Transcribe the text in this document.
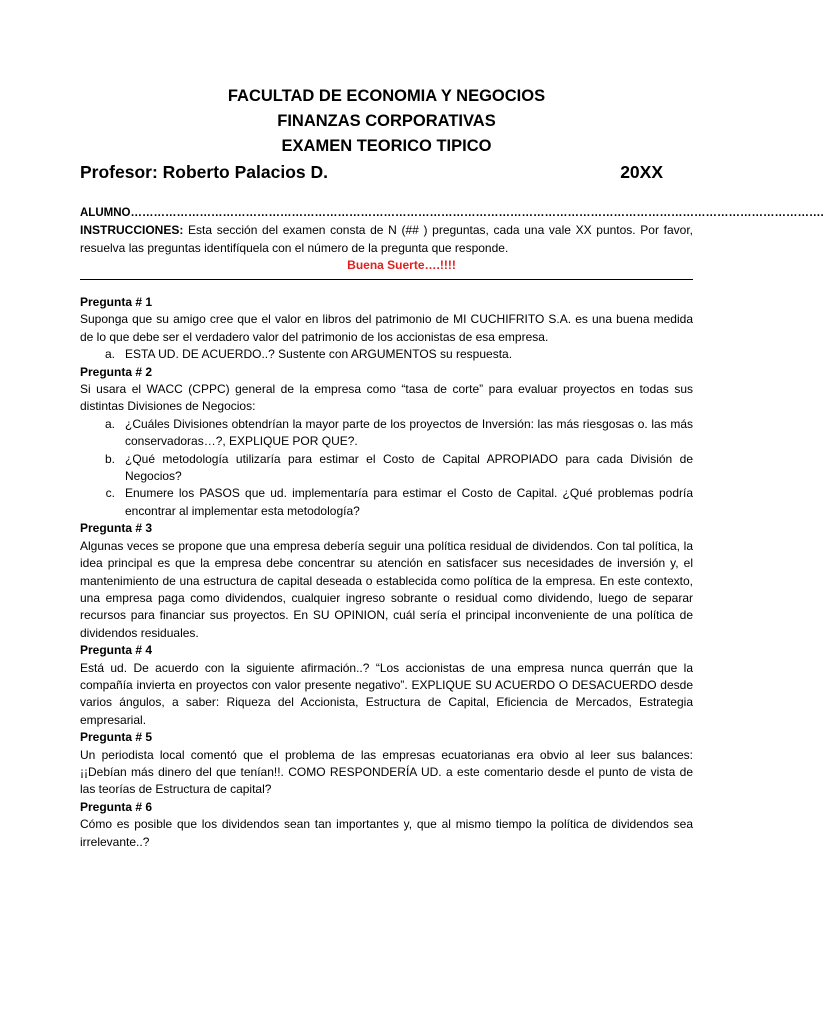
FACULTAD DE ECONOMIA Y NEGOCIOS
FINANZAS CORPORATIVAS
EXAMEN TEORICO TIPICO
Profesor: Roberto Palacios D.	20XX
ALUMNO……………………………………………………………………………………………………………………………………………………………….
INSTRUCCIONES: Esta sección del examen consta de N (## ) preguntas, cada una vale XX puntos. Por favor, resuelva las preguntas identifíquela con el número de la pregunta que responde.
Buena Suerte….!!!!
Pregunta # 1

Suponga que su amigo cree que el valor en libros del patrimonio de MI CUCHIFRITO S.A. es una buena medida de lo que debe ser el verdadero valor del patrimonio de los accionistas de esa empresa.

a. ESTA UD. DE ACUERDO..? Sustente con ARGUMENTOS su respuesta.
Pregunta # 2

Si usara el WACC (CPPC) general de la empresa como “tasa de corte” para evaluar proyectos en todas sus distintas Divisiones de Negocios:

a. ¿Cuáles Divisiones obtendrían la mayor parte de los proyectos de Inversión: las más riesgosas o. las más conservadoras…?, EXPLIQUE POR QUE?.
b. ¿Qué metodología utilizaría para estimar el Costo de Capital APROPIADO para cada División de Negocios?
c. Enumere los PASOS que ud. implementaría para estimar el Costo de Capital. ¿Qué problemas podría encontrar al implementar esta metodología?
Pregunta # 3

Algunas veces se propone que una empresa debería seguir una política residual de dividendos. Con tal política, la idea principal es que la empresa debe concentrar su atención en satisfacer sus necesidades de inversión y, el mantenimiento de una estructura de capital deseada o establecida como política de la empresa. En este contexto, una empresa paga como dividendos, cualquier ingreso sobrante o residual como dividendo, luego de separar recursos para financiar sus proyectos. En SU OPINION, cuál sería el principal inconveniente de una política de dividendos residuales.

Pregunta # 4

Está ud. De acuerdo con la siguiente afirmación..? “Los accionistas de una empresa nunca querrán que la compañía invierta en proyectos con valor presente negativo”. EXPLIQUE SU ACUERDO O DESACUERDO desde varios ángulos, a saber: Riqueza del Accionista, Estructura de Capital, Eficiencia de Mercados, Estrategia empresarial.

Pregunta # 5

Un periodista local comentó que el problema de las empresas ecuatorianas era obvio al leer sus balances: ¡¡Debían más dinero del que tenían!!. COMO RESPONDERÍA UD. a este comentario desde el punto de vista de las teorías de Estructura de capital?

Pregunta # 6

Cómo es posible que los dividendos sean tan importantes y, que al mismo tiempo la política de dividendos sea irrelevante..?
